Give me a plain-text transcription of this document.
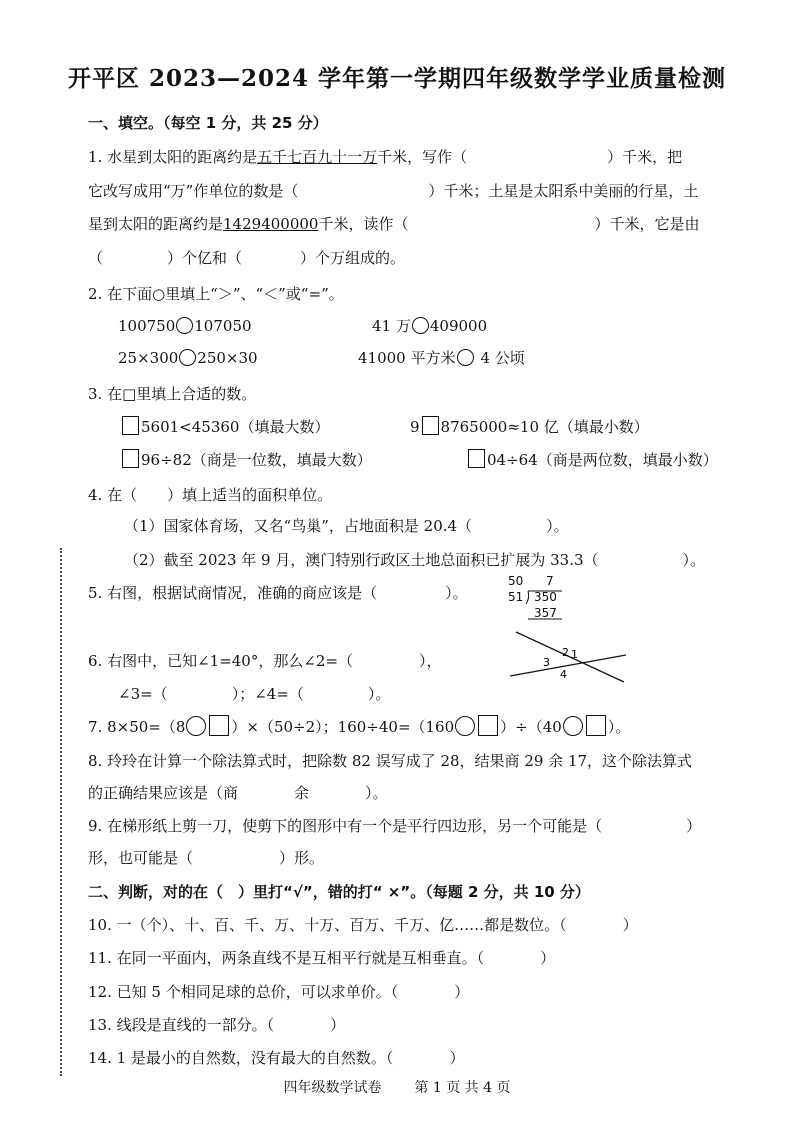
开平区 2023—2024 学年第一学期四年级数学学业质量检测
一、填空。（每空 1 分，共 25 分）
1. 水星到太阳的距离约是五千七百九十一万千米，写作（	）千米，把
它改写成用“万”作单位的数是（	）千米；土星是太阳系中美丽的行星，土
星到太阳的距离约是1429400000千米，读作（	）千米，它是由
（	）个亿和（	）个万组成的。
2. 在下面○里填上“＞”、“＜”或“=”。
100750 107050	41 万 409000
25×300 250×30	41000 平方米 4 公顷
3. 在□里填上合适的数。
5601<45360（填最大数）	9 8765000≈10 亿（填最小数）
96÷82（商是一位数，填最大数）	04÷64（商是两位数，填最小数）
4. 在（　　）填上适当的面积单位。
（1）国家体育场，又名“鸟巢”，占地面积是 20.4（	）。
（2）截至 2023 年 9 月，澳门特别行政区土地总面积已扩展为 33.3（	）。
5. 右图，根据试商情况，准确的商应该是（	）。
50 7
51 350
357
6. 右图中，已知∠1=40°，那么∠2=（	），
∠3=（	）；∠4=（	）。
1
2
3
4
7. 8×50=（8	）×（50÷2）；160÷40=（160	）÷（40	）。
8. 玲玲在计算一个除法算式时，把除数 82 误写成了 28，结果商 29 余 17，这个除法算式
的正确结果应该是（商	余	）。
9. 在梯形纸上剪一刀，使剪下的图形中有一个是平行四边形，另一个可能是（	）
形，也可能是（	）形。
二、判断，对的在（　）里打“√”，错的打“ ×”。（每题 2 分，共 10 分）
10. 一（个）、十、百、千、万、十万、百万、千万、亿……都是数位。（	）
11. 在同一平面内，两条直线不是互相平行就是互相垂直。（	）
12. 已知 5 个相同足球的总价，可以求单价。（	）
13. 线段是直线的一部分。（	）
14. 1 是最小的自然数，没有最大的自然数。（	）
四年级数学试卷 第 1 页 共 4 页
